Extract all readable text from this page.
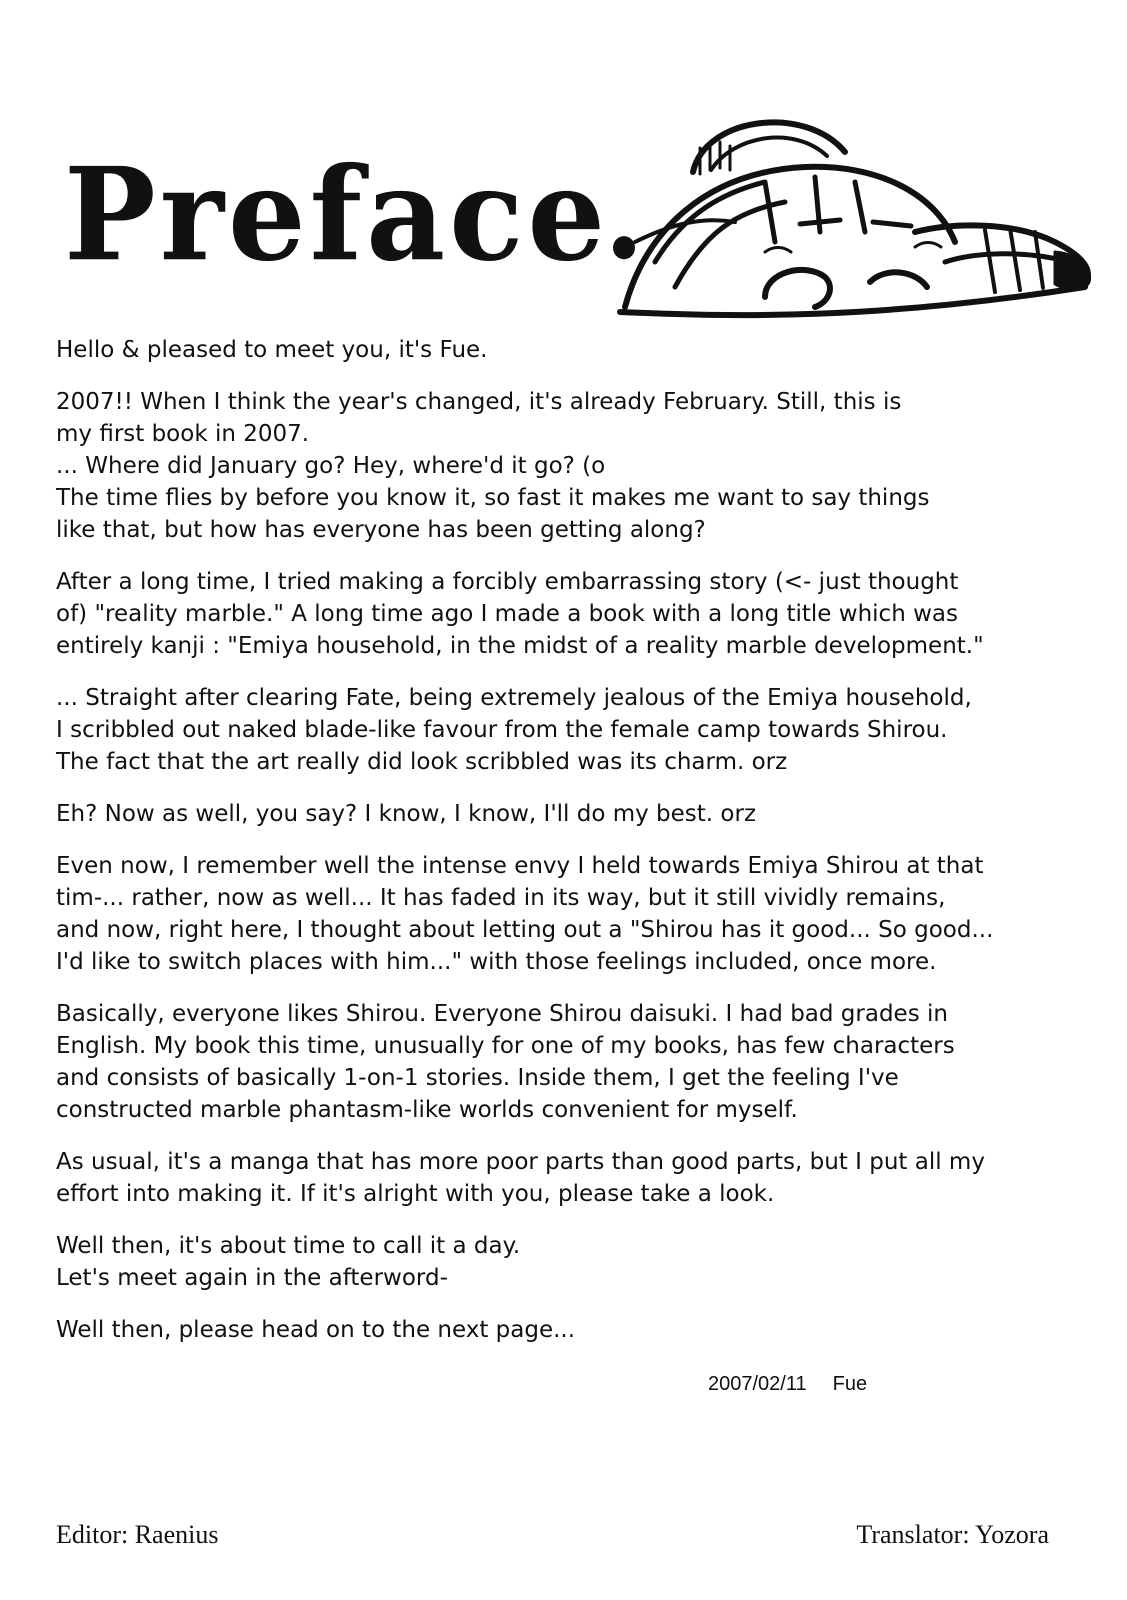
Preface

Hello & pleased to meet you, it's Fue.

2007!! When I think the year's changed, it's already February. Still, this is
my first book in 2007.
... Where did January go? Hey, where'd it go? (o
The time flies by before you know it, so fast it makes me want to say things
like that, but how has everyone has been getting along?

After a long time, I tried making a forcibly embarrassing story (<- just thought
of) "reality marble." A long time ago I made a book with a long title which was
entirely kanji : "Emiya household, in the midst of a reality marble development."

... Straight after clearing Fate, being extremely jealous of the Emiya household,
I scribbled out naked blade-like favour from the female camp towards Shirou.
The fact that the art really did look scribbled was its charm. orz

Eh? Now as well, you say? I know, I know, I'll do my best. orz

Even now, I remember well the intense envy I held towards Emiya Shirou at that
tim-... rather, now as well... It has faded in its way, but it still vividly remains,
and now, right here, I thought about letting out a "Shirou has it good... So good...
I'd like to switch places with him..." with those feelings included, once more.

Basically, everyone likes Shirou. Everyone Shirou daisuki. I had bad grades in
English. My book this time, unusually for one of my books, has few characters
and consists of basically 1-on-1 stories. Inside them, I get the feeling I've
constructed marble phantasm-like worlds convenient for myself.

As usual, it's a manga that has more poor parts than good parts, but I put all my
effort into making it. If it's alright with you, please take a look.

Well then, it's about time to call it a day.
Let's meet again in the afterword-

Well then, please head on to the next page...

2007/02/11 Fue
Editor: Raenius	Translator: Yozora
